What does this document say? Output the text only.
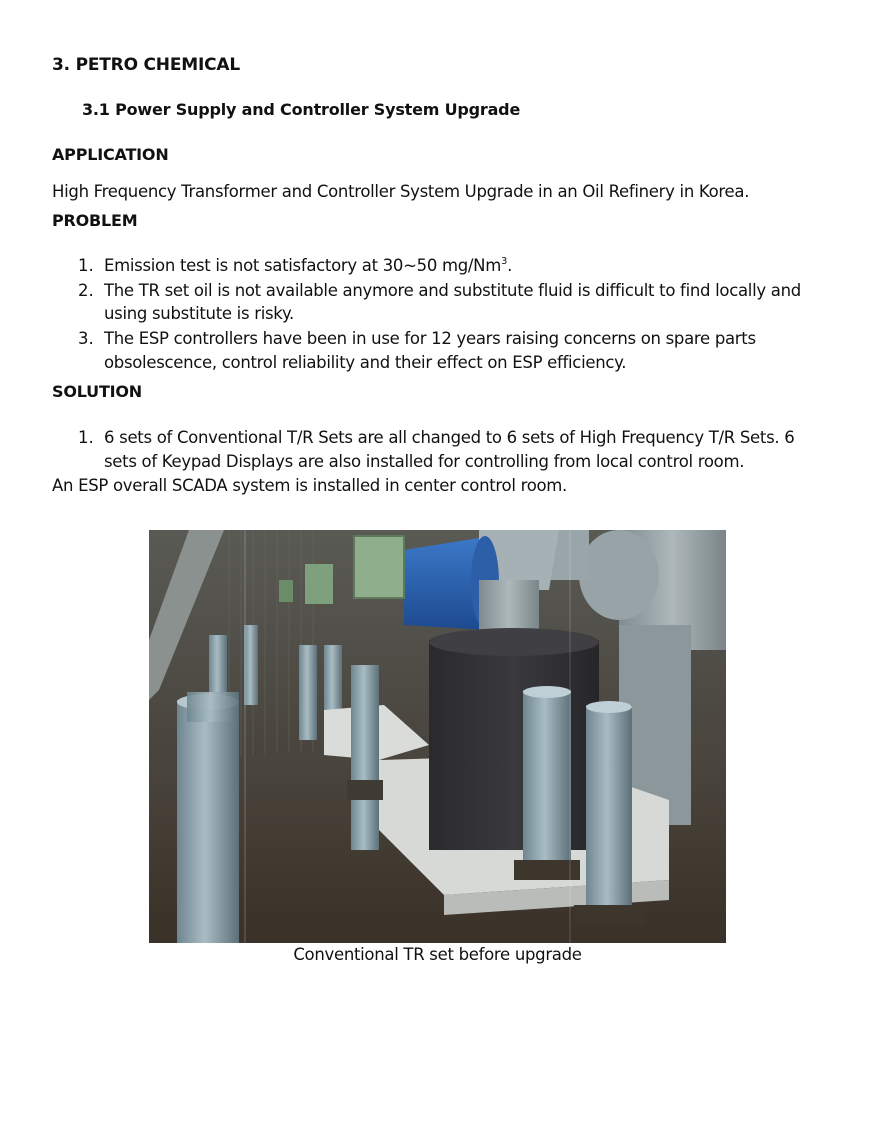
3. PETRO CHEMICAL
3.1 Power Supply and Controller System Upgrade
APPLICATION
High Frequency Transformer and Controller System Upgrade in an Oil Refinery in Korea.
PROBLEM
1. Emission test is not satisfactory at 30~50 mg/Nm$^3$.
2. The TR set oil is not available anymore and substitute fluid is difficult to find locally and
using substitute is risky.
3. The ESP controllers have been in use for 12 years raising concerns on spare parts
obsolescence, control reliability and their effect on ESP efficiency.
SOLUTION
1. 6 sets of Conventional T/R Sets are all changed to 6 sets of High Frequency T/R Sets. 6
sets of Keypad Displays are also installed for controlling from local control room.
An ESP overall SCADA system is installed in center control room.
Conventional TR set before upgrade
